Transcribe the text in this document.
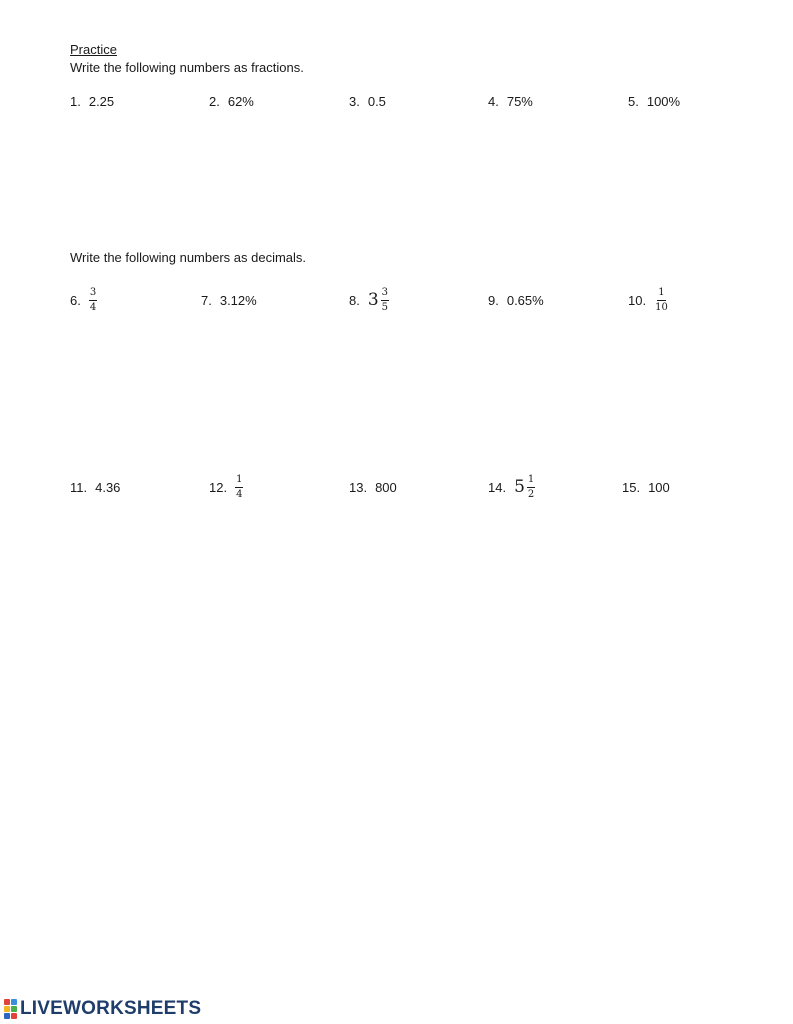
Practice
Write the following numbers as fractions.
1. 2.25	2. 62%	3. 0.5	4. 75%	5. 100%
Write the following numbers as decimals.
6. $\frac{3}{4}$	7. 3.12%	8. $3 \frac{3}{5}$	9. 0.65%	10. $\frac{1}{10}$
11. 4.36	12. $\frac{1}{4}$	13. 800	14. $5 \frac{1}{2}$	15. 100
LIVEWORKSHEETS
